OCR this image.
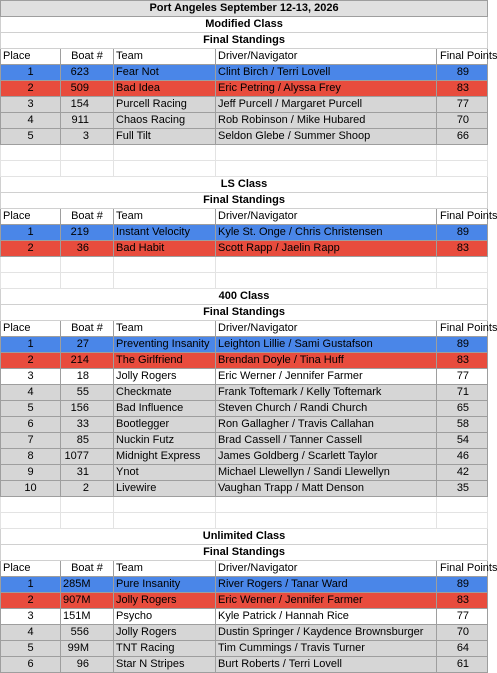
Port Angeles September 12-13, 2026				
Modified Class				
Final Standings				
Place	Boat #	Team	Driver/Navigator	Final Points
1	623	Fear Not	Clint Birch / Terri Lovell	89
2	509	Bad Idea	Eric Petring / Alyssa Frey	83
3	154	Purcell Racing	Jeff Purcell / Margaret Purcell	77
4	911	Chaos Racing	Rob Robinson / Mike Hubared	70
5	3	Full Tilt	Seldon Glebe / Summer Shoop	66

LS Class				
Final Standings				
Place	Boat #	Team	Driver/Navigator	Final Points
1	219	Instant Velocity	Kyle St. Onge / Chris Christensen	89
2	36	Bad Habit	Scott Rapp / Jaelin Rapp	83

400 Class				
Final Standings				
Place	Boat #	Team	Driver/Navigator	Final Points
1	27	Preventing Insanity	Leighton Lillie / Sami Gustafson	89
2	214	The Girlfriend	Brendan Doyle / Tina Huff	83
3	18	Jolly Rogers	Eric Werner / Jennifer Farmer	77
4	55	Checkmate	Frank Toftemark / Kelly Toftemark	71
5	156	Bad Influence	Steven Church / Randi Church	65
6	33	Bootlegger	Ron Gallagher / Travis Callahan	58
7	85	Nuckin Futz	Brad Cassell / Tanner Cassell	54
8	1077	Midnight Express	James Goldberg / Scarlett Taylor	46
9	31	Ynot	Michael Llewellyn / Sandi Llewellyn	42
10	2	Livewire	Vaughan Trapp / Matt Denson	35

Unlimited Class				
Final Standings				
Place	Boat #	Team	Driver/Navigator	Final Points
1	285M	Pure Insanity	River Rogers / Tanar Ward	89
2	907M	Jolly Rogers	Eric Werner / Jennifer Farmer	83
3	151M	Psycho	Kyle Patrick / Hannah Rice	77
4	556	Jolly Rogers	Dustin Springer / Kaydence Brownsburger	70
5	99M	TNT Racing	Tim Cummings / Travis Turner	64
6	96	Star N Stripes	Burt Roberts / Terri Lovell	61
